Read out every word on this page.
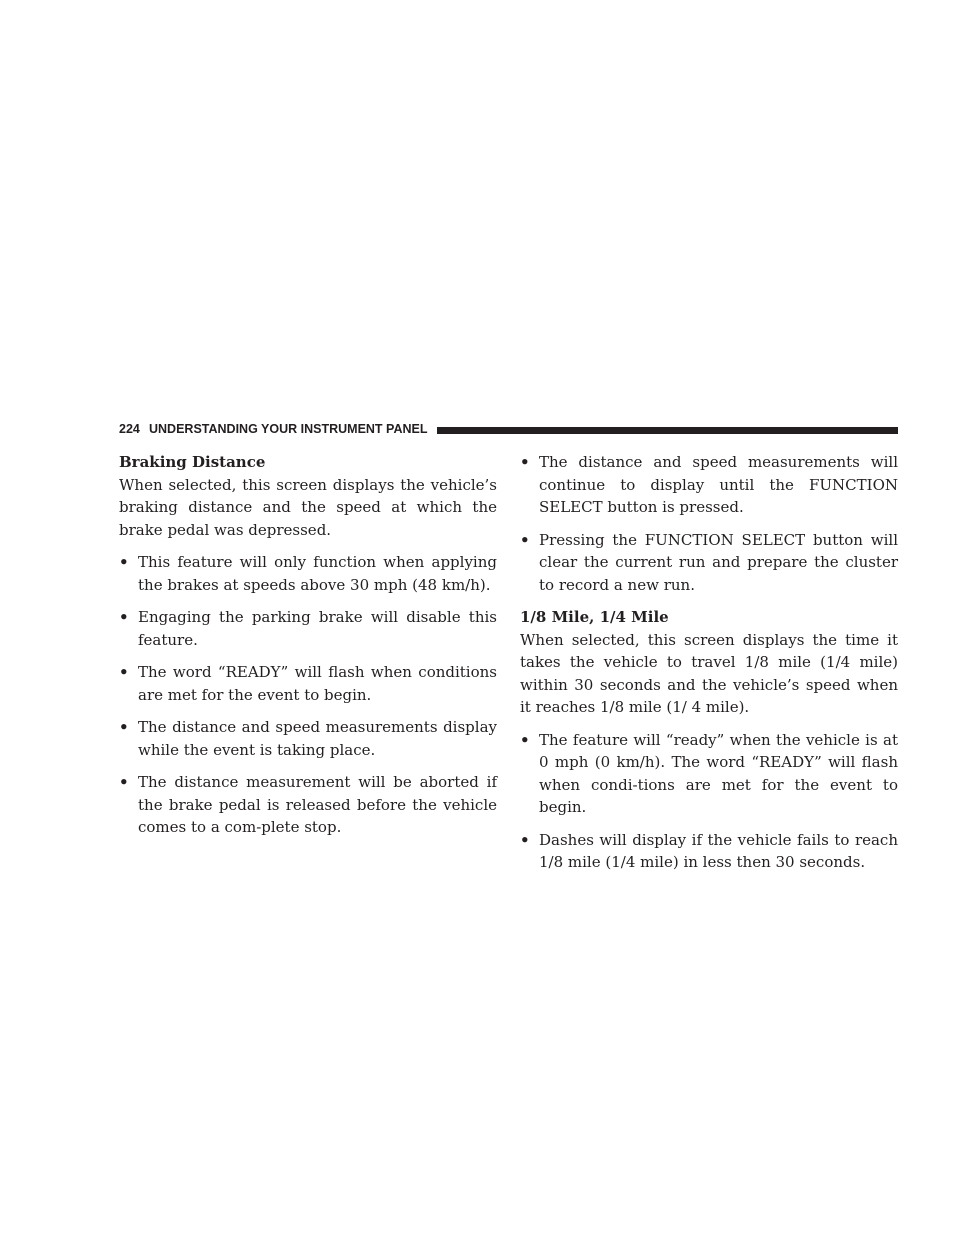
224 UNDERSTANDING YOUR INSTRUMENT PANEL

Braking Distance

When selected, this screen displays the vehicle’s braking distance and the speed at which the brake pedal was depressed.

• This feature will only function when applying the brakes at speeds above 30 mph (48 km/h).
• Engaging the parking brake will disable this feature.
• The word “READY” will flash when conditions are met for the event to begin.
• The distance and speed measurements display while the event is taking place.
• The distance measurement will be aborted if the brake pedal is released before the vehicle comes to a com-plete stop.
• The distance and speed measurements will continue to display until the FUNCTION SELECT button is pressed.
• Pressing the FUNCTION SELECT button will clear the current run and prepare the cluster to record a new run.

1/8 Mile, 1/4 Mile

When selected, this screen displays the time it takes the vehicle to travel 1/8 mile (1/4 mile) within 30 seconds and the vehicle’s speed when it reaches 1/8 mile (1/ 4 mile).

• The feature will “ready” when the vehicle is at 0 mph (0 km/h). The word “READY” will flash when condi-tions are met for the event to begin.
• Dashes will display if the vehicle fails to reach 1/8 mile (1/4 mile) in less then 30 seconds.
